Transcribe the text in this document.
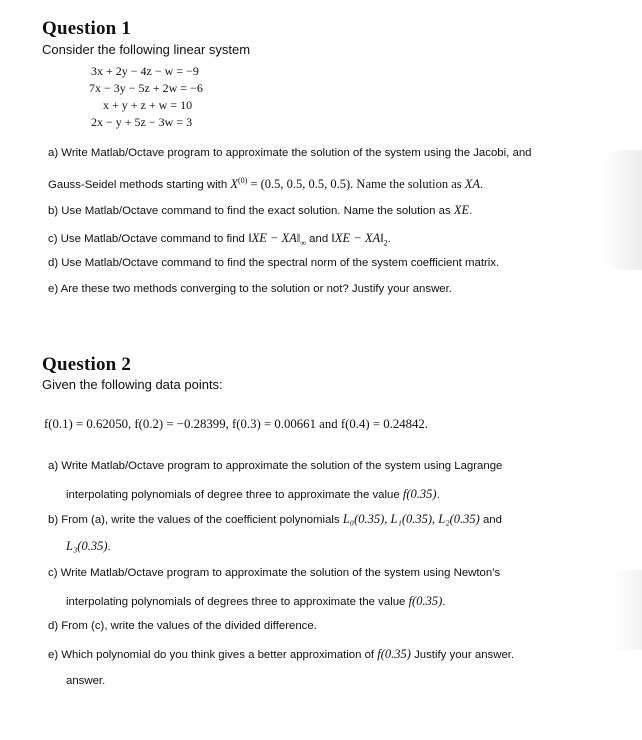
Question 1
Consider the following linear system
3x + 2y − 4z − w = −9
7x − 3y − 5z + 2w = −6
x + y + z + w = 10
2x − y + 5z − 3w = 3
a) Write Matlab/Octave program to approximate the solution of the system using the Jacobi, and
Gauss-Seidel methods starting with $X^{(0)} = (0.5$, 0.5, 0.5, 0.5). Name the solution as XA.
b) Use Matlab/Octave command to find the exact solution. Name the solution as XE.
c) Use Matlab/Octave command to find ‖XE − $XA‖_\infty$ and ‖XE − $XA‖_2$.
d) Use Matlab/Octave command to find the spectral norm of the system coefficient matrix.
e) Are these two methods converging to the solution or not? Justify your answer.
Question 2
Given the following data points:
f(0.1) = 0.62050, f(0.2) = −0.28399, f(0.3) = 0.00661 and f(0.4) = 0.24842.
a) Write Matlab/Octave program to approximate the solution of the system using Lagrange
interpolating polynomials of degree three to approximate the value f(0.35).
b) From (a), write the values of the coefficient polynomials L₀(0.35), L₁(0.35), L₂(0.35) and
L₃(0.35).
c) Write Matlab/Octave program to approximate the solution of the system using Newton’s
interpolating polynomials of degrees three to approximate the value f(0.35).
d) From (c), write the values of the divided difference.
e) Which polynomial do you think gives a better approximation of f(0.35) Justify your answer.
answer.
